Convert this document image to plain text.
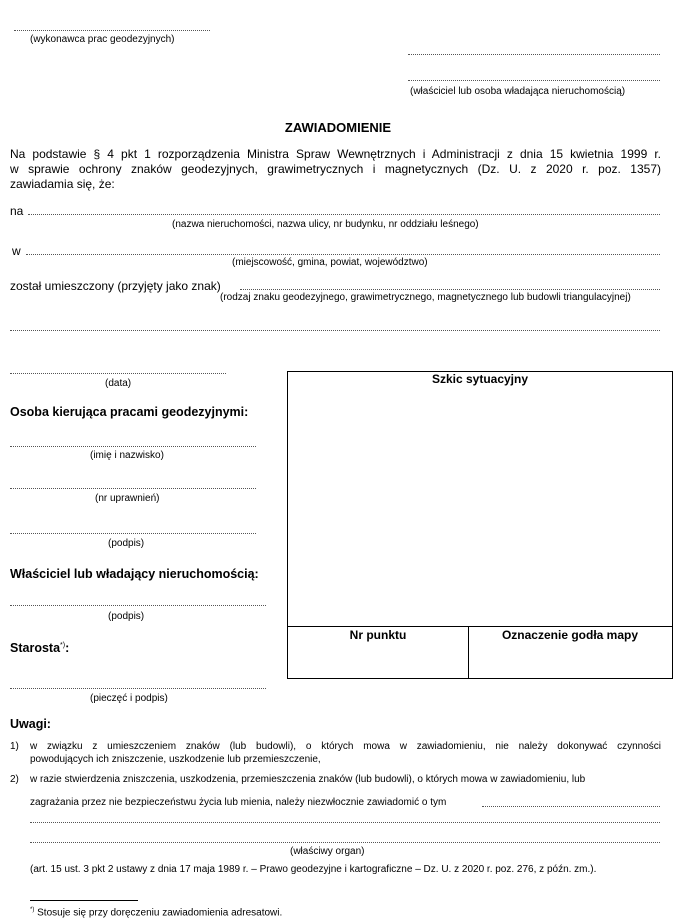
(wykonawca prac geodezyjnych)
(właściciel lub osoba władająca nieruchomością)
ZAWIADOMIENIE
Na podstawie § 4 pkt 1 rozporządzenia Ministra Spraw Wewnętrznych i Administracji z dnia 15 kwietnia 1999 r.
w sprawie ochrony znaków geodezyjnych, grawimetrycznych i magnetycznych (Dz. U. z 2020 r. poz. 1357)
zawiadamia się, że:
na
(nazwa nieruchomości, nazwa ulicy, nr budynku, nr oddziału leśnego)
w
(miejscowość, gmina, powiat, województwo)
został umieszczony (przyjęty jako znak)
(rodzaj znaku geodezyjnego, grawimetrycznego, magnetycznego lub budowli triangulacyjnej)
(data)
Osoba kierująca pracami geodezyjnymi:
(imię i nazwisko)
(nr uprawnień)
(podpis)
Właściciel lub władający nieruchomością:
(podpis)
Starosta*):
(pieczęć i podpis)
Szkic sytuacyjny
Nr punktu	Oznaczenie godła mapy
Uwagi:
1) w związku z umieszczeniem znaków (lub budowli), o których mowa w zawiadomieniu, nie należy dokonywać czynności
powodujących ich zniszczenie, uszkodzenie lub przemieszczenie,
2) w razie stwierdzenia zniszczenia, uszkodzenia, przemieszczenia znaków (lub budowli), o których mowa w zawiadomieniu, lub
zagrażania przez nie bezpieczeństwu życia lub mienia, należy niezwłocznie zawiadomić o tym
(właściwy organ)
(art. 15 ust. 3 pkt 2 ustawy z dnia 17 maja 1989 r. – Prawo geodezyjne i kartograficzne – Dz. U. z 2020 r. poz. 276, z późn. zm.).
*) Stosuje się przy doręczeniu zawiadomienia adresatowi.
